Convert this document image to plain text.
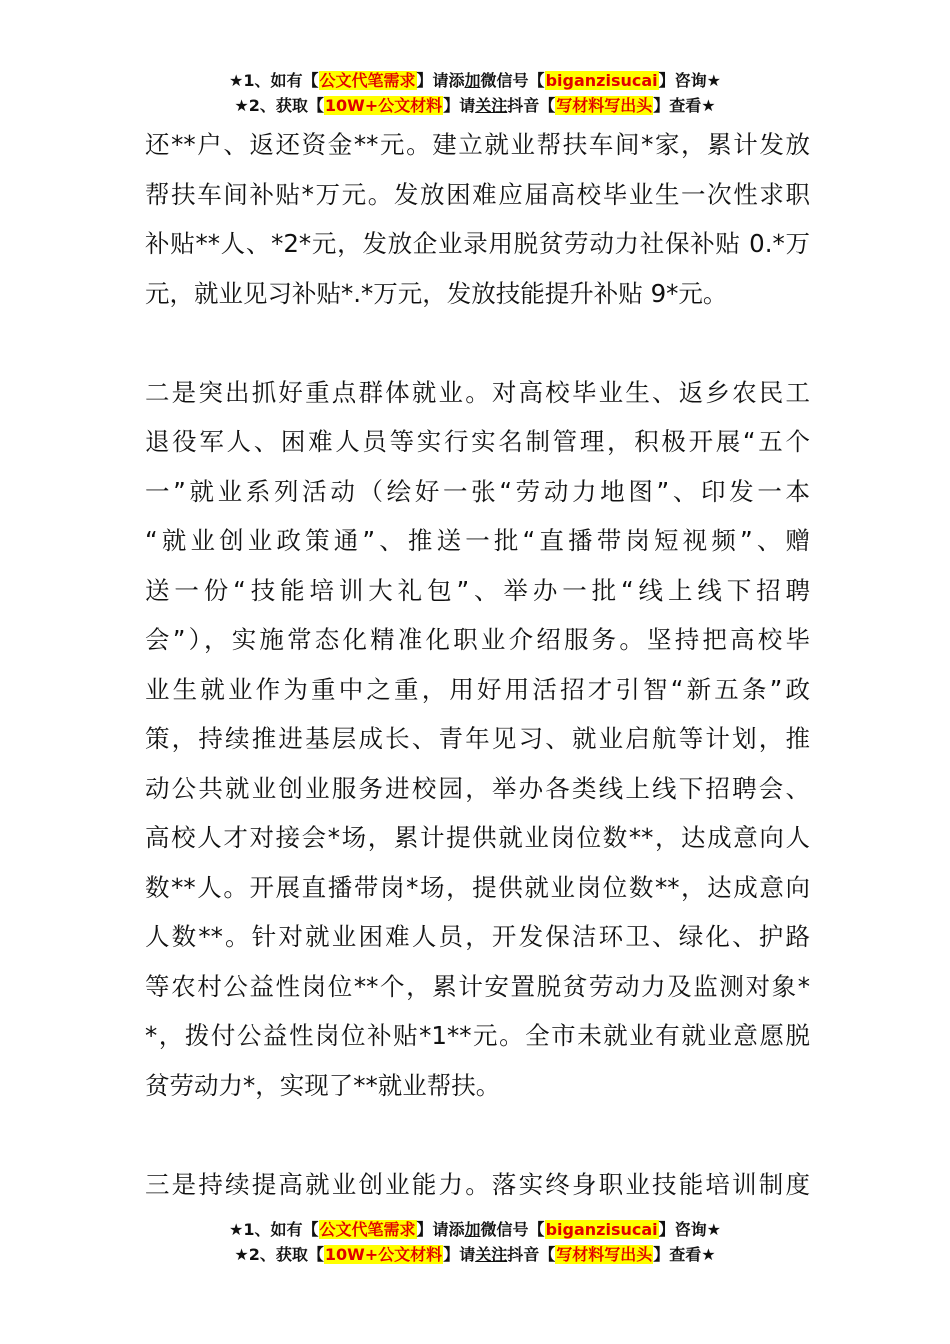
★1、如有【公文代笔需求】请添加微信号【biganzisucai】咨询★
★2、获取【10W+公文材料】请关注抖音【写材料写出头】查看★

还**户、返还资金**元。建立就业帮扶车间*家，累计发放

帮扶车间补贴*万元。发放困难应届高校毕业生一次性求职

补贴**人、*2*元，发放企业录用脱贫劳动力社保补贴 0.*万

元，就业见习补贴*.*万元，发放技能提升补贴 9*元。

二是突出抓好重点群体就业。对高校毕业生、返乡农民工

退役军人、困难人员等实行实名制管理，积极开展“五个

一”就业系列活动（绘好一张“劳动力地图”、印发一本

“就业创业政策通”、推送一批“直播带岗短视频”、赠

送一份“技能培训大礼包”、举办一批“线上线下招聘

会”），实施常态化精准化职业介绍服务。坚持把高校毕

业生就业作为重中之重，用好用活招才引智“新五条”政

策，持续推进基层成长、青年见习、就业启航等计划，推

动公共就业创业服务进校园，举办各类线上线下招聘会、

高校人才对接会*场，累计提供就业岗位数**，达成意向人

数**人。开展直播带岗*场，提供就业岗位数**，达成意向

人数**。针对就业困难人员，开发保洁环卫、绿化、护路

等农村公益性岗位**个，累计安置脱贫劳动力及监测对象*

*，拨付公益性岗位补贴*1**元。全市未就业有就业意愿脱

贫劳动力*，实现了**就业帮扶。

三是持续提高就业创业能力。落实终身职业技能培训制度

★1、如有【公文代笔需求】请添加微信号【biganzisucai】咨询★
★2、获取【10W+公文材料】请关注抖音【写材料写出头】查看★
